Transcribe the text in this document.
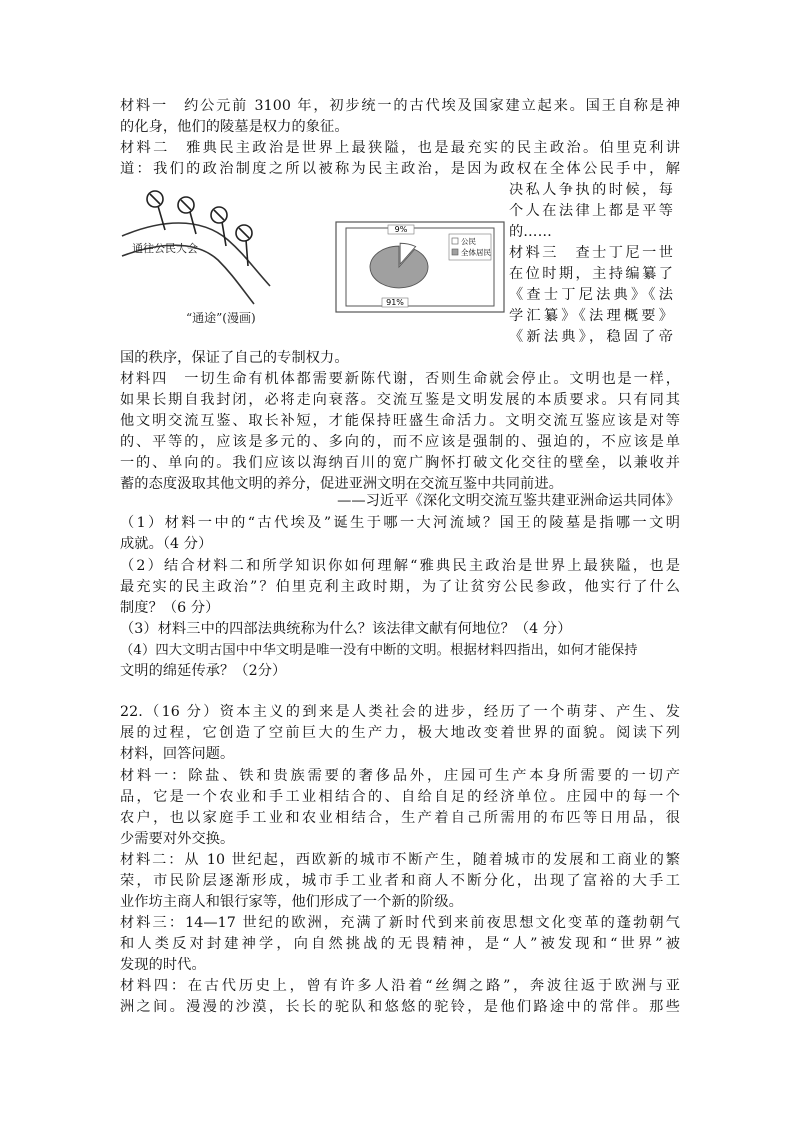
材料一　约公元前 3100 年，初步统一的古代埃及国家建立起来。国王自称是神
的化身，他们的陵墓是权力的象征。
材料二　雅典民主政治是世界上最狭隘，也是最充实的民主政治。伯里克利讲
道：我们的政治制度之所以被称为民主政治，是因为政权在全体公民手中，解
通往公民大会
“通途”(漫画)
9%
91%
公民
全体居民
决私人争执的时候，每
个人在法律上都是平等
的……
材料三　查士丁尼一世
在位时期，主持编纂了
《查士丁尼法典》《法
学汇纂》《法理概要》
《新法典》，稳固了帝
国的秩序，保证了自己的专制权力。
材料四　一切生命有机体都需要新陈代谢，否则生命就会停止。文明也是一样，
如果长期自我封闭，必将走向衰落。交流互鉴是文明发展的本质要求。只有同其
他文明交流互鉴、取长补短，才能保持旺盛生命活力。文明交流互鉴应该是对等
的、平等的，应该是多元的、多向的，而不应该是强制的、强迫的，不应该是单
一的、单向的。我们应该以海纳百川的宽广胸怀打破文化交往的壁垒，以兼收并
蓄的态度汲取其他文明的养分，促进亚洲文明在交流互鉴中共同前进。
——习近平《深化文明交流互鉴共建亚洲命运共同体》
（1）材料一中的“古代埃及”诞生于哪一大河流域？国王的陵墓是指哪一文明
成就。（4 分）
（2）结合材料二和所学知识你如何理解“雅典民主政治是世界上最狭隘，也是
最充实的民主政治”？伯里克利主政时期，为了让贫穷公民参政，他实行了什么
制度？（6 分）
（3）材料三中的四部法典统称为什么？该法律文献有何地位？（4 分）
（4）四大文明古国中中华文明是唯一没有中断的文明。根据材料四指出，如何才能保持
文明的绵延传承？（2分）
22.（16 分）资本主义的到来是人类社会的进步，经历了一个萌芽、产生、发
展的过程，它创造了空前巨大的生产力，极大地改变着世界的面貌。阅读下列
材料，回答问题。
材料一：除盐、铁和贵族需要的奢侈品外，庄园可生产本身所需要的一切产
品，它是一个农业和手工业相结合的、自给自足的经济单位。庄园中的每一个
农户，也以家庭手工业和农业相结合，生产着自己所需用的布匹等日用品，很
少需要对外交换。
材料二：从 10 世纪起，西欧新的城市不断产生，随着城市的发展和工商业的繁
荣，市民阶层逐渐形成，城市手工业者和商人不断分化，出现了富裕的大手工
业作坊主商人和银行家等，他们形成了一个新的阶级。
材料三：14—17 世纪的欧洲，充满了新时代到来前夜思想文化变革的蓬勃朝气
和人类反对封建神学，向自然挑战的无畏精神，是“人”被发现和“世界”被
发现的时代。
材料四：在古代历史上，曾有许多人沿着“丝绸之路”，奔波往返于欧洲与亚
洲之间。漫漫的沙漠，长长的驼队和悠悠的驼铃，是他们路途中的常伴。那些
